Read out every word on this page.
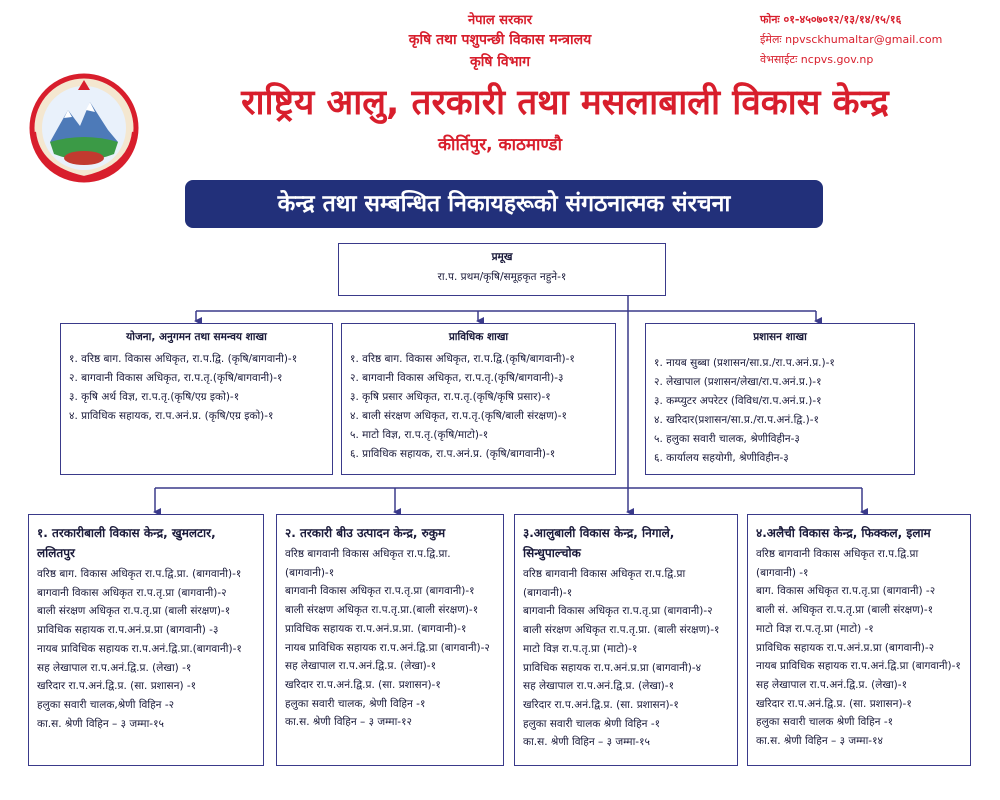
नेपाल सरकार
कृषि तथा पशुपन्छी विकास मन्त्रालय
कृषि विभाग
राष्ट्रिय आलु, तरकारी तथा मसलाबाली विकास केन्द्र
कीर्तिपुर, काठमाण्डौ
फोनः ०१-४५०७०१२/१३/१४/१५/१६
ईमेलः npvsckhumaltar@gmail.com
वेभसाईटः ncpvs.gov.np
केन्द्र तथा सम्बन्धित निकायहरूको संगठनात्मक संरचना
प्रमूख
रा.प. प्रथम/कृषि/समूहकृत नहुने-१
योजना, अनुगमन तथा समन्वय शाखा
१. वरिष्ठ बाग. विकास अधिकृत, रा.प.द्वि. (कृषि/बागवानी)-१
२. बागवानी विकास अधिकृत, रा.प.तृ.(कृषि/बागवानी)-१
३. कृषि अर्थ विज्ञ, रा.प.तृ.(कृषि/एग्र इको)-१
४. प्राविधिक सहायक, रा.प.अनं.प्र. (कृषि/एग्र इको)-१
प्राविधिक शाखा
१. वरिष्ठ बाग. विकास अधिकृत, रा.प.द्वि.(कृषि/बागवानी)-१
२. बागवानी विकास अधिकृत, रा.प.तृ.(कृषि/बागवानी)-३
३. कृषि प्रसार अधिकृत, रा.प.तृ.(कृषि/कृषि प्रसार)-१
४. बाली संरक्षण अधिकृत, रा.प.तृ.(कृषि/बाली संरक्षण)-१
५. माटो विज्ञ, रा.प.तृ.(कृषि/माटो)-१
६. प्राविधिक सहायक, रा.प.अनं.प्र. (कृषि/बागवानी)-१
प्रशासन शाखा
१. नायब सुब्बा (प्रशासन/सा.प्र./रा.प.अनं.प्र.)-१
२. लेखापाल (प्रशासन/लेखा/रा.प.अनं.प्र.)-१
३. कम्प्युटर अपरेटर (विविध/रा.प.अनं.प्र.)-१
४. खरिदार(प्रशासन/सा.प्र./रा.प.अनं.द्वि.)-१
५. हलुका सवारी चालक, श्रेणीविहीन-३
६. कार्यालय सहयोगी, श्रेणीविहीन-३
१. तरकारीबाली विकास केन्द्र, खुमलटार, ललितपुर
वरिष्ठ बाग. विकास अधिकृत रा.प.द्वि.प्रा. (बागवानी)-१
बागवानी विकास अधिकृत रा.प.तृ.प्रा (बागवानी)-२
बाली संरक्षण अधिकृत रा.प.तृ.प्रा (बाली संरक्षण)-१
प्राविधिक सहायक रा.प.अनं.प्र.प्रा (बागवानी) -३
नायब प्राविधिक सहायक रा.प.अनं.द्वि.प्रा.(बागवानी)-१
सह लेखापाल रा.प.अनं.द्वि.प्र. (लेखा) -१
खरिदार रा.प.अनं.द्वि.प्र. (सा. प्रशासन) -१
हलुका सवारी चालक,श्रेणी विहिन -२
का.स. श्रेणी विहिन – ३ जम्मा-१५
२. तरकारी बीउ उत्पादन केन्द्र, रुकुम
वरिष्ठ बागवानी विकास अधिकृत रा.प.द्वि.प्रा.
(बागवानी)-१
बागवानी विकास अधिकृत रा.प.तृ.प्रा (बागवानी)-१
बाली संरक्षण अधिकृत रा.प.तृ.प्रा.(बाली संरक्षण)-१
प्राविधिक सहायक रा.प.अनं.प्र.प्रा. (बागवानी)-१
नायब प्राविधिक सहायक रा.प.अनं.द्वि.प्रा (बागवानी)-२
सह लेखापाल रा.प.अनं.द्वि.प्र. (लेखा)-१
खरिदार रा.प.अनं.द्वि.प्र. (सा. प्रशासन)-१
हलुका सवारी चालक, श्रेणी विहिन -१
का.स. श्रेणी विहिन – ३ जम्मा-१२
३.आलुबाली विकास केन्द्र, निगाले, सिन्धुपाल्चोक
वरिष्ठ बागवानी विकास अधिकृत रा.प.द्वि.प्रा
(बागवानी)-१
बागवानी विकास अधिकृत रा.प.तृ.प्रा (बागवानी)-२
बाली संरक्षण अधिकृत रा.प.तृ.प्रा. (बाली संरक्षण)-१
माटो विज्ञ रा.प.तृ.प्रा (माटो)-१
प्राविधिक सहायक रा.प.अनं.प्र.प्रा (बागवानी)-४
सह लेखापाल रा.प.अनं.द्वि.प्र. (लेखा)-१
खरिदार रा.प.अनं.द्वि.प्र. (सा. प्रशासन)-१
हलुका सवारी चालक श्रेणी विहिन -१
का.स. श्रेणी विहिन – ३ जम्मा-१५
४.अलैची विकास केन्द्र, फिक्कल, इलाम
वरिष्ठ बागवानी विकास अधिकृत रा.प.द्वि.प्रा
(बागवानी) -१
बाग. विकास अधिकृत रा.प.तृ.प्रा (बागवानी) -२
बाली सं. अधिकृत रा.प.तृ.प्रा (बाली संरक्षण)-१
माटो विज्ञ रा.प.तृ.प्रा (माटो) -१
प्राविधिक सहायक रा.प.अनं.प्र.प्रा (बागवानी)-२
नायब प्राविधिक सहायक रा.प.अनं.द्वि.प्रा (बागवानी)-१
सह लेखापाल रा.प.अनं.द्वि.प्र. (लेखा)-१
खरिदार रा.प.अनं.द्वि.प्र. (सा. प्रशासन)-१
हलुका सवारी चालक श्रेणी विहिन -१
का.स. श्रेणी विहिन – ३ जम्मा-१४
